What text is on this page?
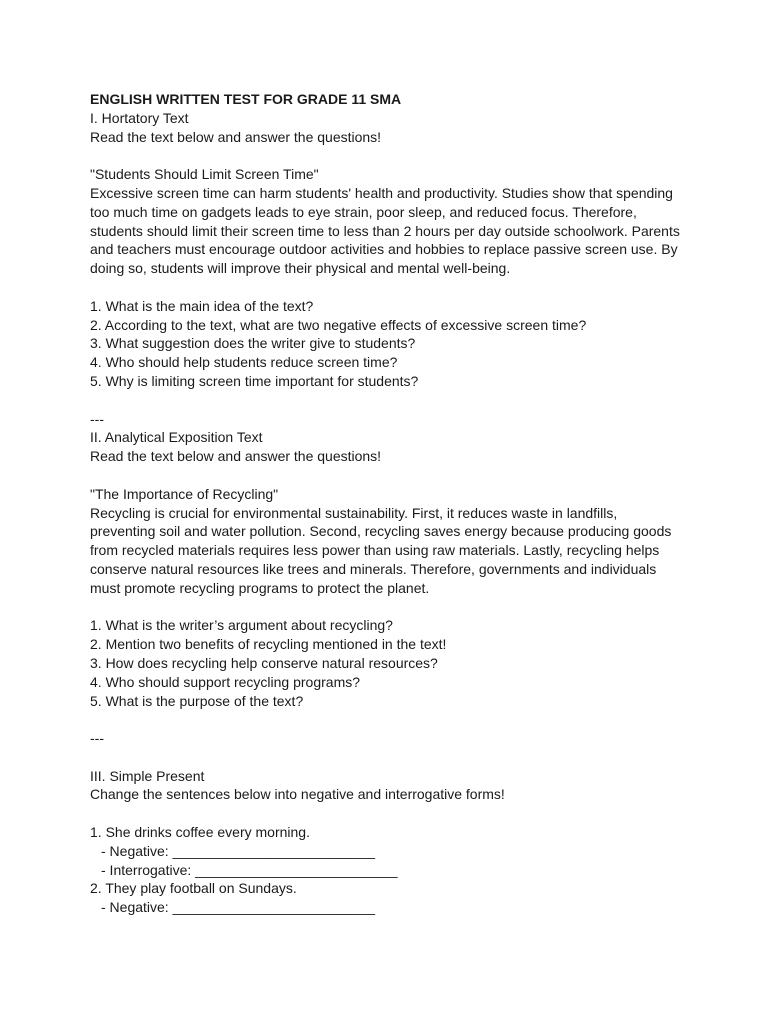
ENGLISH WRITTEN TEST FOR GRADE 11 SMA

I. Hortatory Text

Read the text below and answer the questions!

"Students Should Limit Screen Time"

Excessive screen time can harm students' health and productivity. Studies show that spending

too much time on gadgets leads to eye strain, poor sleep, and reduced focus. Therefore,

students should limit their screen time to less than 2 hours per day outside schoolwork. Parents

and teachers must encourage outdoor activities and hobbies to replace passive screen use. By

doing so, students will improve their physical and mental well-being.

1. What is the main idea of the text?

2. According to the text, what are two negative effects of excessive screen time?

3. What suggestion does the writer give to students?

4. Who should help students reduce screen time?

5. Why is limiting screen time important for students?

---

II. Analytical Exposition Text

Read the text below and answer the questions!

"The Importance of Recycling"

Recycling is crucial for environmental sustainability. First, it reduces waste in landfills,

preventing soil and water pollution. Second, recycling saves energy because producing goods

from recycled materials requires less power than using raw materials. Lastly, recycling helps

conserve natural resources like trees and minerals. Therefore, governments and individuals

must promote recycling programs to protect the planet.

1. What is the writer’s argument about recycling?

2. Mention two benefits of recycling mentioned in the text!

3. How does recycling help conserve natural resources?

4. Who should support recycling programs?

5. What is the purpose of the text?

---

III. Simple Present

Change the sentences below into negative and interrogative forms!

1. She drinks coffee every morning.

- Negative: __________________________

- Interrogative: __________________________

2. They play football on Sundays.

- Negative: __________________________
